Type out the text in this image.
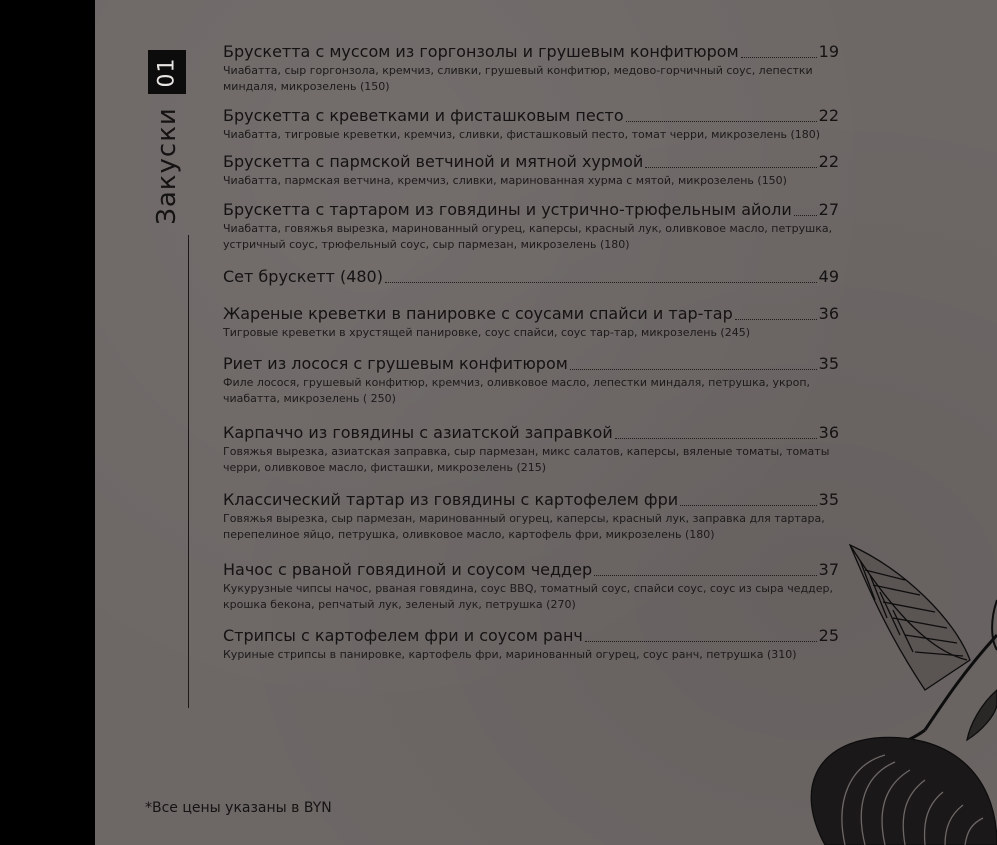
01
Закуски
Брускетта с муссом из горгонзолы и грушевым конфитюром	19
Чиабатта, сыр горгонзола, кремчиз, сливки, грушевый конфитюр, медово-горчичный соус, лепестки миндаля, микрозелень (150)
Брускетта с креветками и фисташковым песто	22
Чиабатта, тигровые креветки, кремчиз, сливки, фисташковый песто, томат черри, микрозелень (180)
Брускетта с пармской ветчиной и мятной хурмой	22
Чиабатта, пармская ветчина, кремчиз, сливки, маринованная хурма с мятой, микрозелень (150)
Брускетта с тартаром из говядины и устрично-трюфельным айоли 27
Чиабатта, говяжья вырезка, маринованный огурец, каперсы, красный лук, оливковое масло, петрушка, устричный соус, трюфельный соус, сыр пармезан, микрозелень (180)
Сет брускетт (480)	49
Жареные креветки в панировке с соусами спайси и тар-тар	36
Тигровые креветки в хрустящей панировке, соус спайси, соус тар-тар, микрозелень (245)
Риет из лосося с грушевым конфитюром	35
Филе лосося, грушевый конфитюр, кремчиз, оливковое масло, лепестки миндаля, петрушка, укроп, чиабатта, микрозелень ( 250)
Карпаччо из говядины с азиатской заправкой	36
Говяжья вырезка, азиатская заправка, сыр пармезан, микс салатов, каперсы, вяленые томаты, томаты черри, оливковое масло, фисташки, микрозелень (215)
Классический тартар из говядины с картофелем фри	35
Говяжья вырезка, сыр пармезан, маринованный огурец, каперсы, красный лук, заправка для тартара, перепелиное яйцо, петрушка, оливковое масло, картофель фри, микрозелень (180)
Начос с рваной говядиной и соусом чеддер	37
Кукурузные чипсы начос, рваная говядина, соус BBQ, томатный соус, спайси соус, соус из сыра чеддер, крошка бекона, репчатый лук, зеленый лук, петрушка (270)
Стрипсы с картофелем фри и соусом ранч	25
Куриные стрипсы в панировке, картофель фри, маринованный огурец, соус ранч, петрушка (310)
*Все цены указаны в BYN
